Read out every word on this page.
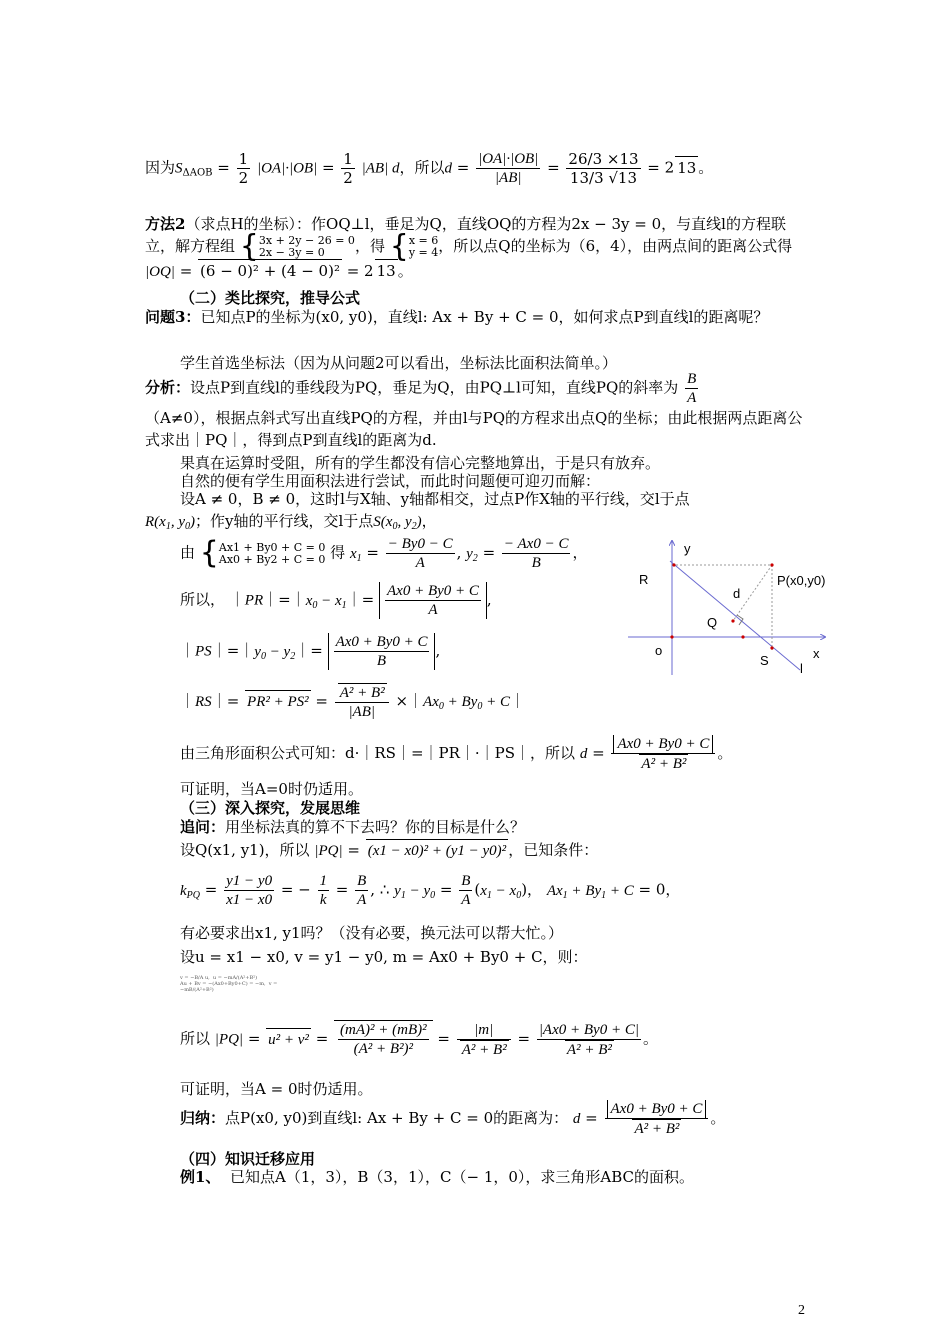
因为$S_{\Delta AOB} = \frac{1}{2} |OA|\cdot|OB| = \frac{1}{2} |AB|$ d，所以$d = \frac{|OA|\cdot|OB|}{|AB|} = \frac{26/3 \times 13}{13/3 √13} = 2$ 13 。
方法2（求点H的坐标）：作OQ⊥l，垂足为Q，直线OQ的方程为2x − 3y = 0，与直线l的方程联立，解方程组 {3x + 2y − 26 = 0
2x − 3y = 0 ，得 {x = 6
y = 4，所以点Q的坐标为（6，4），由两点间的距离公式得 |OQ| = (6 − 0)² + (4 − 0)² = 2 13 。
（二）类比探究，推导公式
问题3：已知点P的坐标为(x0, y0)，直线l: Ax + By + C = 0，如何求点P到直线l的距离呢？
学生首选坐标法（因为从问题2可以看出，坐标法比面积法简单。）
分析：设点P到直线l的垂线段为PQ，垂足为Q，由PQ⊥l可知，直线PQ的斜率为 $\frac{B}{A}$

（A≠0），根据点斜式写出直线PQ的方程，并由l与PQ的方程求出点Q的坐标；由此根据两点距离公式求出｜PQ｜，得到点P到直线l的距离为d.
果真在运算时受阻，所有的学生都没有信心完整地算出，于是只有放弃。
自然的便有学生用面积法进行尝试，而此时问题便可迎刃而解：
设A ≠ 0，B ≠ 0，这时l与X轴、y轴都相交，过点P作X轴的平行线，交l于点
$R(x_1$, $y_0$)；作y轴的平行线，交l于点$S(x_0$, $y_2$)，
由 {Ax1 + By0 + C = 0
Ax0 + By2 + C = 0 得 $x_1 = \frac{- By0 - C}{A}$ , $y_2 = \frac{- Ax0 - C}{B}$ ，
所以， $|PR|=|x_0$ − $x_1|= \frac{Ax0 + By0 + C}{A}$ ,
$|PS|=|y_0$ − $y_2|= \frac{Ax0 + By0 + C}{B}$ ,
｜RS｜= $PR^2 + PS^2 = \frac{\text{A² + B²}}{|AB|}$ $\times|Ax_0 + By_0$ + C｜
y
R	P(x0,y0)
d
Q
o
S	x
l
由三角形面积公式可知：d·｜RS｜=｜PR｜·｜PS｜，所以 $d = \frac{Ax0 + By0 + C}{\text{A² + B²}}$ 。
可证明，当A=0时仍适用。
（三）深入探究，发展思维
追问：用坐标法真的算不下去吗？你的目标是什么？
设Q(x1, y1)，所以 |PQ| = (x1 − x0)² + (y1 − y0)² ，已知条件：
$k_{PQ} = \frac{y1 - y0}{x1 - x0}$ = − $\frac{1}{k} = \frac{B}{A}$ , ∴ $y_1 - y_0 = \frac{B}{A} (x_1 - x_0)$， $Ax_1 + By_1 + C = 0$，
有必要求出x1, y1吗？（没有必要，换元法可以帮大忙。）
设u = x1 − x0, v = y1 − y0, m = Ax0 + By0 + C，则：
v = −B/A u,  u = −mA/(A²+B²)
Au + Bv = −(Ax0+By0+C) = −m,  v = −mB/(A²+B²)
所以 $|PQ| = u^2 + v^2 = \frac{\text{(mA)² + (mB)²}}{\text{(A² + B²)²}} = \frac{|m|}{\text{A² + B²}} = \frac{|Ax0 + By0 + C|}{\text{A² + B²}}$ 。
可证明，当A = 0时仍适用。
归纳：点P(x0, y0)到直线l: Ax + By + C = 0的距离为： $d = \frac{Ax0 + By0 + C}{\text{A² + B²}}$ 。
（四）知识迁移应用
例1、 已知点A（1，3），B（3，1），C（− 1，0），求三角形ABC的面积。
2
